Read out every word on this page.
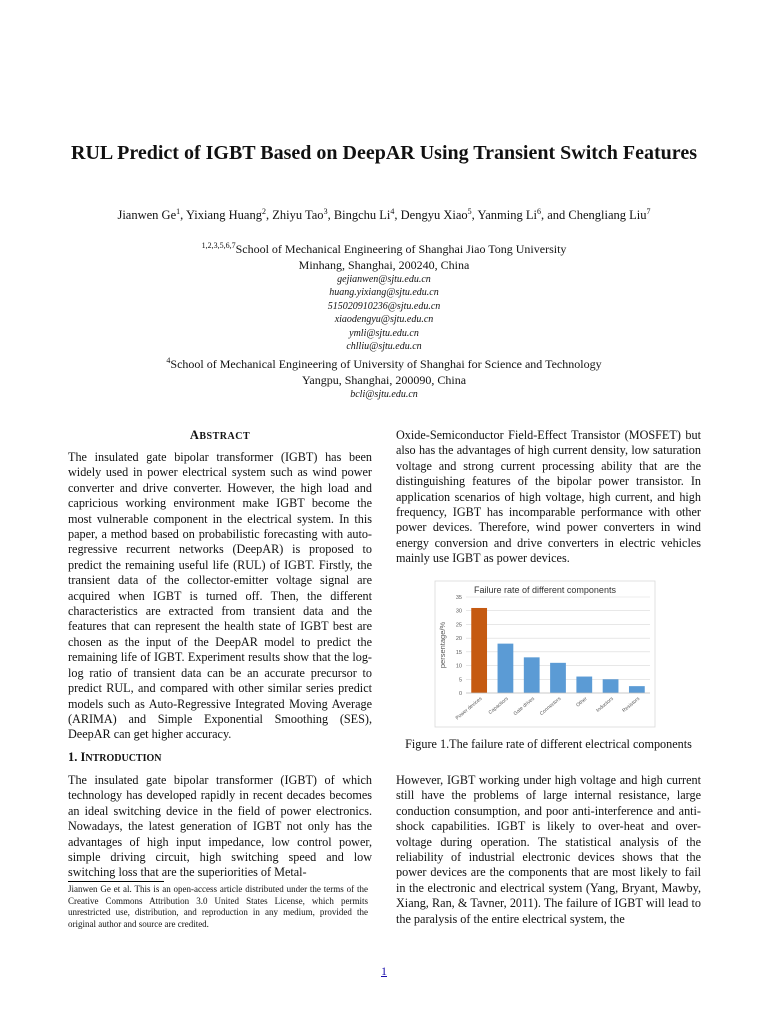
RUL Predict of IGBT Based on DeepAR Using Transient Switch Features
Jianwen Ge$^1$, Yixiang Huang$^2$, Zhiyu Tao$^3$, Bingchu Li$^4$, Dengyu Xiao$^5$, Yanming Li$^6$, and Chengliang Liu$^7$
$^{1,2,3,5,6,7}$School of Mechanical Engineering of Shanghai Jiao Tong University
Minhang, Shanghai, 200240, China
gejianwen@sjtu.edu.cn
huang.yixiang@sjtu.edu.cn
515020910236@sjtu.edu.cn
xiaodengyu@sjtu.edu.cn
ymli@sjtu.edu.cn
chlliu@sjtu.edu.cn
$^4$School of Mechanical Engineering of University of Shanghai for Science and Technology
Yangpu, Shanghai, 200090, China
bcli@sjtu.edu.cn
ABSTRACT

The insulated gate bipolar transformer (IGBT) has been widely used in power electrical system such as wind power converter and drive converter. However, the high load and capricious working environment make IGBT become the most vulnerable component in the electrical system. In this paper, a method based on probabilistic forecasting with auto-regressive recurrent networks (DeepAR) is proposed to predict the remaining useful life (RUL) of IGBT. Firstly, the transient data of the collector-emitter voltage signal are acquired when IGBT is turned off. Then, the different characteristics are extracted from transient data and the features that can represent the health state of IGBT best are chosen as the input of the DeepAR model to predict the remaining life of IGBT. Experiment results show that the log-log ratio of transient data can be an accurate precursor to predict RUL, and compared with other similar series predict models such as Auto-Regressive Integrated Moving Average (ARIMA) and Simple Exponential Smoothing (SES), DeepAR can get higher accuracy.

1. INTRODUCTION

The insulated gate bipolar transformer (IGBT) of which technology has developed rapidly in recent decades becomes an ideal switching device in the field of power electronics. Nowadays, the latest generation of IGBT not only has the advantages of high input impedance, low control power, simple driving circuit, high switching speed and low switching loss that are the superiorities of Metal-

Oxide-Semiconductor Field-Effect Transistor (MOSFET) but also has the advantages of high current density, low saturation voltage and strong current processing ability that are the distinguishing features of the bipolar power transistor. In application scenarios of high voltage, high current, and high frequency, IGBT has incomparable performance with other power devices. Therefore, wind power converters in wind energy conversion and drive converters in electric vehicles mainly use IGBT as power devices.

Failure rate of different components
0
5
10
15
20
25
30
35
persentage/%
Power devices Capacitors Gate drives Connectors	Other Inductors Resistors
Figure 1.The failure rate of different electrical components

However, IGBT working under high voltage and high current still have the problems of large internal resistance, large conduction consumption, and poor anti-interference and anti-shock capabilities. IGBT is likely to over-heat and over-voltage during operation. The statistical analysis of the reliability of industrial electronic devices shows that the power devices are the components that are most likely to fail in the electronic and electrical system (Yang, Bryant, Mawby, Xiang, Ran, & Tavner, 2011). The failure of IGBT will lead to the paralysis of the entire electrical system, the

Jianwen Ge et al. This is an open-access article distributed under the terms of the Creative Commons Attribution 3.0 United States License, which permits unrestricted use, distribution, and reproduction in any medium, provided the original author and source are credited.
1
